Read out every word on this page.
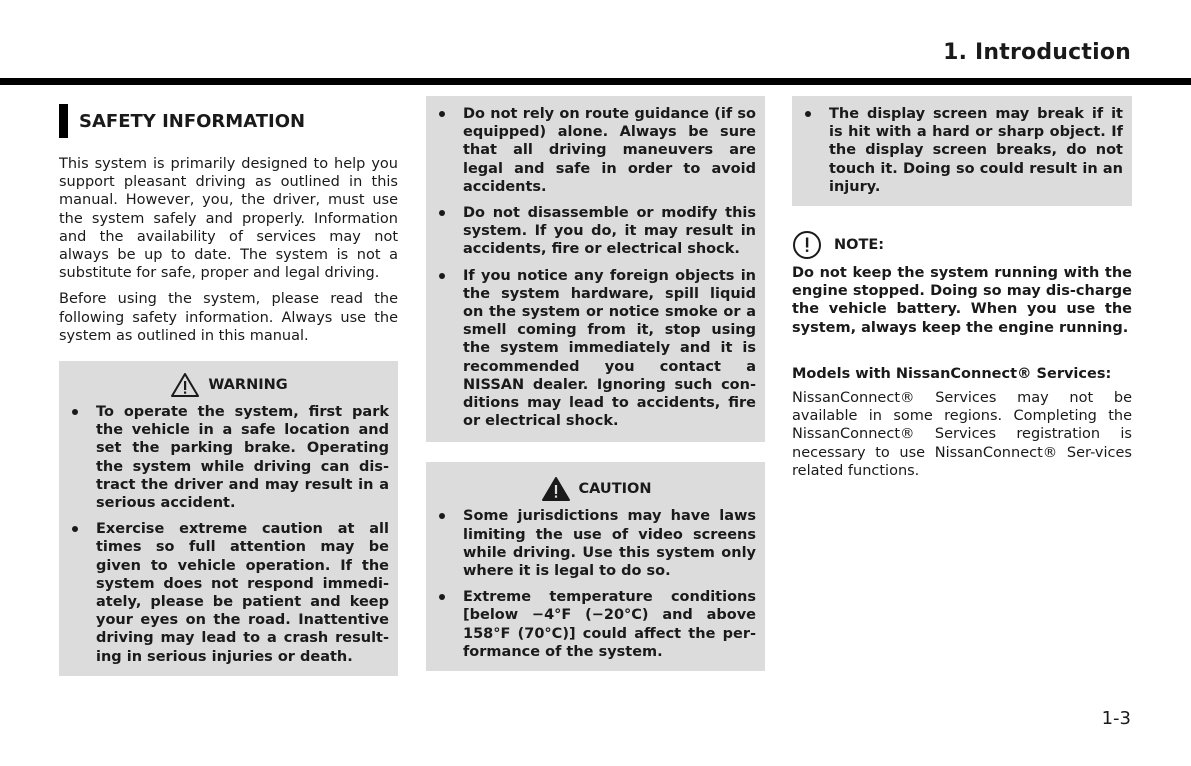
1. Introduction
SAFETY INFORMATION

This system is primarily designed to help you support pleasant driving as outlined in this manual. However, you, the driver, must use the system safely and properly. Information and the availability of services may not always be up to date. The system is not a substitute for safe, proper and legal driving.

Before using the system, please read the following safety information. Always use the system as outlined in this manual.

WARNING
To operate the system, first park the vehicle in a safe location and set the parking brake. Operating the system while driving can dis-tract the driver and may result in a serious accident.
Exercise extreme caution at all times so full attention may be given to vehicle operation. If the system does not respond immedi-ately, please be patient and keep your eyes on the road. Inattentive driving may lead to a crash result-ing in serious injuries or death.
Do not rely on route guidance (if so equipped) alone. Always be sure that all driving maneuvers are legal and safe in order to avoid accidents.
Do not disassemble or modify this system. If you do, it may result in accidents, fire or electrical shock.
If you notice any foreign objects in the system hardware, spill liquid on the system or notice smoke or a smell coming from it, stop using the system immediately and it is recommended you contact a NISSAN dealer. Ignoring such con-ditions may lead to accidents, fire or electrical shock.
CAUTION
Some jurisdictions may have laws limiting the use of video screens while driving. Use this system only where it is legal to do so.
Extreme temperature conditions [below −4°F (−20°C) and above 158°F (70°C)] could affect the per-formance of the system.
The display screen may break if it is hit with a hard or sharp object. If the display screen breaks, do not touch it. Doing so could result in an injury.
NOTE:

Do not keep the system running with the engine stopped. Doing so may dis-charge the vehicle battery. When you use the system, always keep the engine running.

Models with NissanConnect® Services:

NissanConnect® Services may not be available in some regions. Completing the NissanConnect® Services registration is necessary to use NissanConnect® Ser-vices related functions.

1-3
